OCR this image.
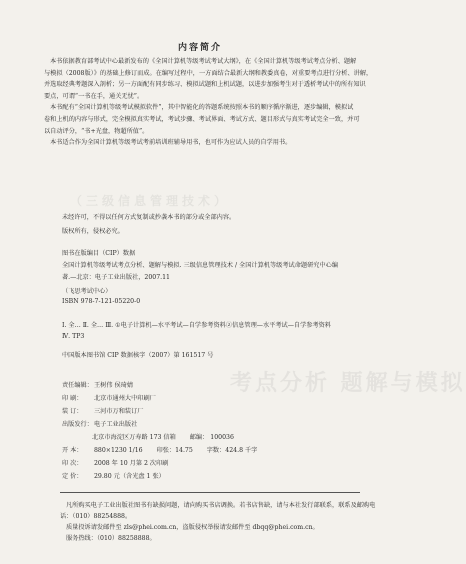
内容简介
本书依据教育部考试中心最新发布的《全国计算机等级考试考试大纲》，在《全国计算机等级考试考点分析、题解
与模拟（2008版）》的基础上修订而成。在编写过程中，一方面结合最新大纲和教委真卷，对重要考点进行分析、讲解，
并选取经典考题深入剖析；另一方面配有同步练习、模拟试题和上机试题，以进步加强考生对于透析考试中的所有知识
要点，可谓“一书在手，通关无忧”。
本书配有“全国计算机等级考试模拟软件”，其中智能化的答题系统按照本书的顺序循序渐进，逐步编辑，模拟试
卷和上机的内容与形式，完全模拟真实考试，考试步骤、考试界面、考试方式、题目形式与真实考试完全一致，并可
以自动评分，“书+光盘，物超所值”。
本书适合作为全国计算机等级考试考前培训班辅导用书，也可作为应试人员的自学用书。
（三级信息管理技术）
未经许可，不得以任何方式复制或抄袭本书的部分或全部内容。
版权所有，侵权必究。
图书在版编目（CIP）数据
全国计算机等级考试考点分析、题解与模拟. 三级信息管理技术 / 全国计算机等级考试命题研究中心编
著.—北京：电子工业出版社，2007.11
（飞思考试中心）
ISBN 978-7-121-05220-0
Ⅰ. 全… Ⅱ. 全… Ⅲ. ①电子计算机—水平考试—自学参考资料②信息管理—水平考试—自学参考资料
Ⅳ. TP3
中国版本图书馆 CIP 数据核字（2007）第 161517 号
考点分析 题解与模拟
责任编辑： 王树伟 侯琦婧
印 刷： 北京市通州大中印刷厂
装 订： 三河市万和装订厂
出版发行： 电子工业出版社
北京市海淀区万寿路 173 信箱 邮编： 100036
开 本： 880×1230 1/16 印张：14.75 字数：424.8 千字
印 次： 2008 年 10 月第 2 次印刷
定 价： 29.80 元（含光盘 1 张）
凡所购买电子工业出版社图书有缺损问题，请向购买书店调换。若书店售缺，请与本社发行部联系，联系及邮购电
话：（010）88254888。
质量投诉请发邮件至 zls@phei.com.cn，盗版侵权举报请发邮件至 dbqq@phei.com.cn。
服务热线：（010）88258888。
